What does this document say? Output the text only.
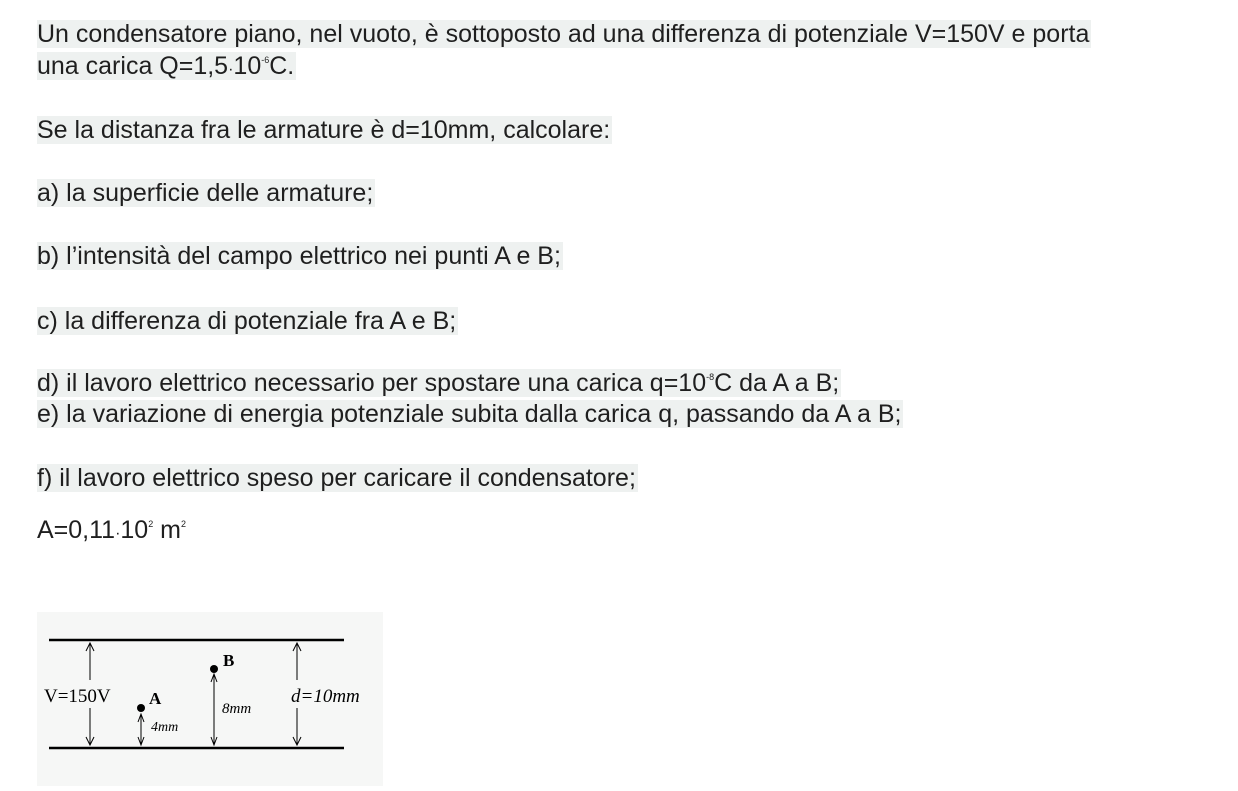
Un condensatore piano, nel vuoto, è sottoposto ad una differenza di potenziale V=150V e porta
una carica $Q=1,5\cdot 10^{-6}C$.
Se la distanza fra le armature è d=10mm, calcolare:
a) la superficie delle armature;
b) l’intensità del campo elettrico nei punti A e B;
c) la differenza di potenziale fra A e B;
d) il lavoro elettrico necessario per spostare una carica $q=10^{-8}C$ da A a B;
e) la variazione di energia potenziale subita dalla carica q, passando da A a B;
f) il lavoro elettrico speso per caricare il condensatore;
$A=0,11\cdot 10^2$ $m^2$
V=150V A
B
4mm
8mm
d=10mm
